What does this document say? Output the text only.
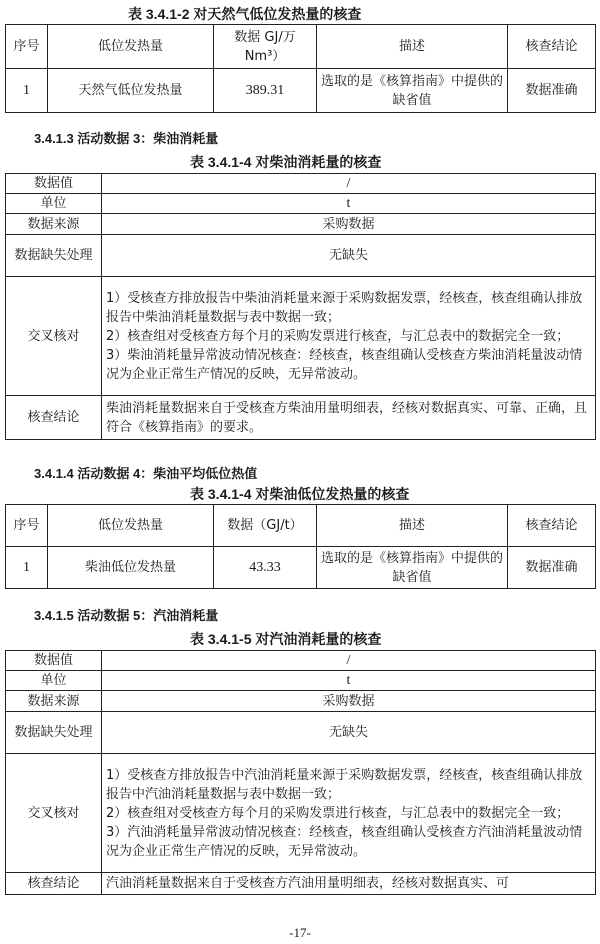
表 3.4.1-2 对天然气低位发热量的核查
序号	低位发热量	数据 GJ/万Nm³）	描述	核查结论
1	天然气低位发热量	389.31	选取的是《核算指南》中提供的缺省值	数据准确
3.4.1.3 活动数据 3：柴油消耗量
表 3.4.1-4 对柴油消耗量的核查
数据值	/
单位	t
数据来源	采购数据
数据缺失处理	无缺失
交叉核对	1）受核查方排放报告中柴油消耗量来源于采购数据发票，经核查，核查组确认排放报告中柴油消耗量数据与表中数据一致；
2）核查组对受核查方每个月的采购发票进行核查，与汇总表中的数据完全一致；
3）柴油消耗量异常波动情况核查：经核查，核查组确认受核查方柴油消耗量波动情况为企业正常生产情况的反映，无异常波动。

核查结论	柴油消耗量数据来自于受核查方柴油用量明细表，经核对数据真实、可靠、正确，且符合《核算指南》的要求。
3.4.1.4 活动数据 4：柴油平均低位热值
表 3.4.1-4 对柴油低位发热量的核查
序号	低位发热量	数据（GJ/t）	描述	核查结论
1	柴油低位发热量	43.33	选取的是《核算指南》中提供的缺省值	数据准确
3.4.1.5 活动数据 5：汽油消耗量
表 3.4.1-5 对汽油消耗量的核查
数据值	/
单位	t
数据来源	采购数据
数据缺失处理	无缺失
交叉核对	1）受核查方排放报告中汽油消耗量来源于采购数据发票，经核查，核查组确认排放报告中汽油消耗量数据与表中数据一致；
2）核查组对受核查方每个月的采购发票进行核查，与汇总表中的数据完全一致；
3）汽油消耗量异常波动情况核查：经核查，核查组确认受核查方汽油消耗量波动情况为企业正常生产情况的反映，无异常波动。

核查结论	汽油消耗量数据来自于受核查方汽油用量明细表，经核对数据真实、可
-17-
